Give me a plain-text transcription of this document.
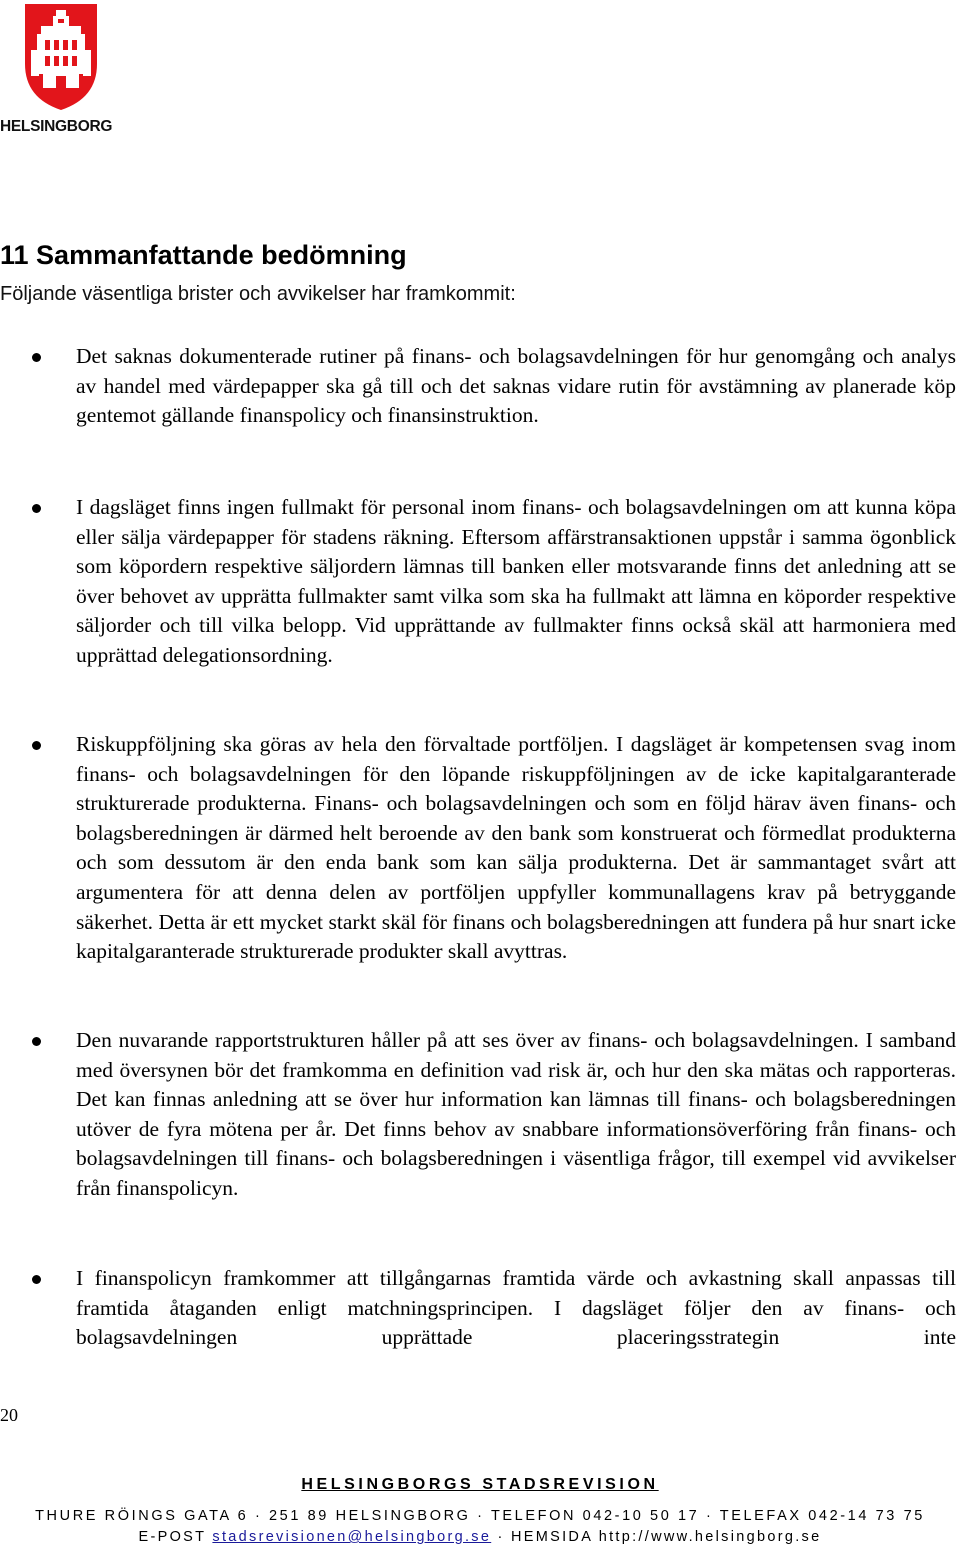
HELSINGBORG
11 Sammanfattande bedömning
Följande väsentliga brister och avvikelser har framkommit:
Det saknas dokumenterade rutiner på finans- och bolagsavdelningen för hur genomgång och analys av handel med värdepapper ska gå till och det saknas vidare rutin för avstämning av planerade köp gentemot gällande finanspolicy och finansinstruktion.
I dagsläget finns ingen fullmakt för personal inom finans- och bolagsavdelningen om att kunna köpa eller sälja värdepapper för stadens räkning. Eftersom affärstransaktionen uppstår i samma ögonblick som köpordern respektive säljordern lämnas till banken eller motsvarande finns det anledning att se över behovet av upprätta fullmakter samt vilka som ska ha fullmakt att lämna en köporder respektive säljorder och till vilka belopp. Vid upprättande av fullmakter finns också skäl att harmoniera med upprättad delegationsordning.
Riskuppföljning ska göras av hela den förvaltade portföljen. I dagsläget är kompetensen svag inom finans- och bolagsavdelningen för den löpande riskuppföljningen av de icke kapitalgaranterade strukturerade produkterna. Finans- och bolagsavdelningen och som en följd härav även finans- och bolagsberedningen är därmed helt beroende av den bank som konstruerat och förmedlat produkterna och som dessutom är den enda bank som kan sälja produkterna. Det är sammantaget svårt att argumentera för att denna delen av portföljen uppfyller kommunallagens krav på betryggande säkerhet. Detta är ett mycket starkt skäl för finans och bolagsberedningen att fundera på hur snart icke kapitalgaranterade strukturerade produkter skall avyttras.
Den nuvarande rapportstrukturen håller på att ses över av finans- och bolagsavdelningen. I samband med översynen bör det framkomma en definition vad risk är, och hur den ska mätas och rapporteras. Det kan finnas anledning att se över hur information kan lämnas till finans- och bolagsberedningen utöver de fyra mötena per år. Det finns behov av snabbare informationsöverföring från finans- och bolagsavdelningen till finans- och bolagsberedningen i väsentliga frågor, till exempel vid avvikelser från finanspolicyn.
I finanspolicyn framkommer att tillgångarnas framtida värde och avkastning skall anpassas till framtida åtaganden enligt matchningsprincipen. I dagsläget följer den av finans- och bolagsavdelningen upprättade placeringsstrategin inte
20
HELSINGBORGS STADSREVISION
THURE RÖINGS GATA 6 · 251 89 HELSINGBORG · TELEFON 042-10 50 17 · TELEFAX 042-14 73 75
E-POST stadsrevisionen@helsingborg.se · HEMSIDA http://www.helsingborg.se
